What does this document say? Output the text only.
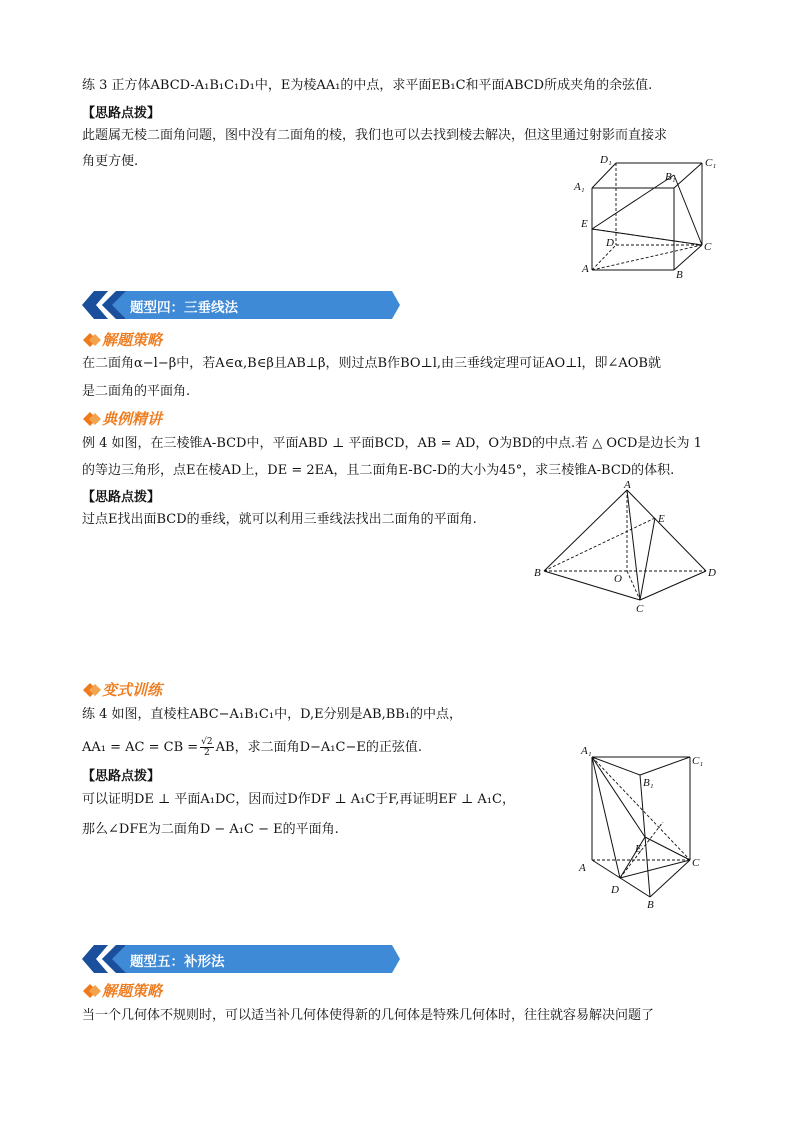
练 3 正方体ABCD-A₁B₁C₁D₁中，E为棱AA₁的中点，求平面EB₁C和平面ABCD所成夹角的余弦值.
【思路点拨】
此题属无棱二面角问题，图中没有二面角的棱，我们也可以去找到棱去解决，但这里通过射影而直接求
角更方便.
A₁
D₁
B₁
C₁
E
D	C
A	B
题型四：三垂线法
解题策略
在二面角α−l−β中，若A∈α,B∈β且AB⊥β，则过点B作BO⊥l,由三垂线定理可证AO⊥l，即∠AOB就
是二面角的平面角.
典例精讲
例 4 如图，在三棱锥A-BCD中，平面ABD ⊥ 平面BCD，AB = AD，O为BD的中点.若 △ OCD是边长为 1
的等边三角形，点E在棱AD上，DE = 2EA，且二面角E-BC-D的大小为45°，求三棱锥A-BCD的体积.
【思路点拨】
过点E找出面BCD的垂线，就可以利用三垂线法找出二面角的平面角.
A
E
B	O	D
C
变式训练
练 4 如图，直棱柱ABC−A₁B₁C₁中，D,E分别是AB,BB₁的中点，
AA₁ = AC = CB = $\frac{√2}{2}$ AB，求二面角D−A₁C−E的正弦值.
【思路点拨】
可以证明DE ⊥ 平面A₁DC，因而过D作DF ⊥ A₁C于F,再证明EF ⊥ A₁C，
那么∠DFE为二面角D − A₁C − E的平面角.
A₁
C₁
B₁
E
A	C
D
B
题型五：补形法
解题策略
当一个几何体不规则时，可以适当补几何体使得新的几何体是特殊几何体时，往往就容易解决问题了
